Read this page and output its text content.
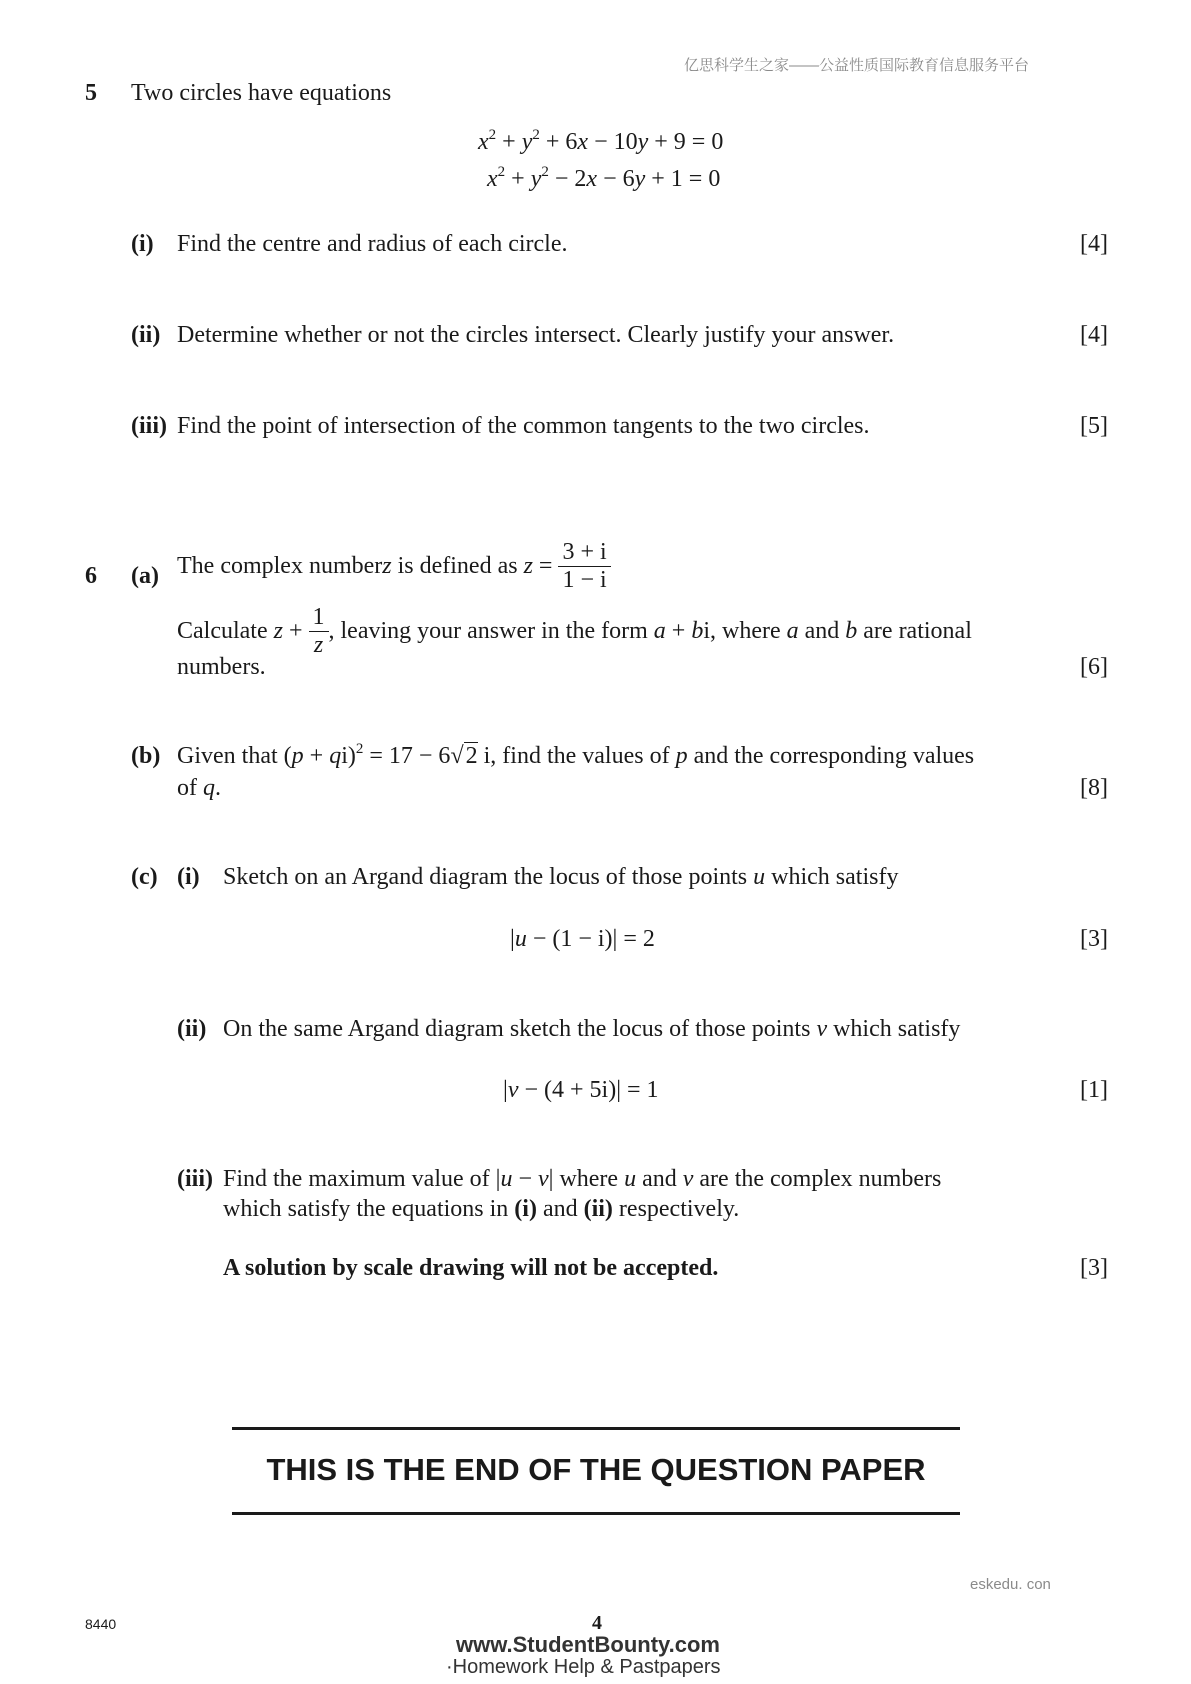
亿思科学生之家——公益性质国际教育信息服务平台
5 Two circles have equations
$x^2 + y^2 + 6x - 10y + 9 = 0$
$x^2 + y^2 - 2x - 6y + 1 = 0$
(i) Find the centre and radius of each circle.	[4]
(ii) Determine whether or not the circles intersect. Clearly justify your answer.	[4]
(iii) Find the point of intersection of the common tangents to the two circles.	[5]
6 (a) The complex numberz is defined as $z = \frac{3 + i}{1 - i}$
Calculate $z + \frac{1}{z}$ , leaving your answer in the form a + bi, where a and b are rational
numbers.	[6]
(b) Given that (p + qi)$^2$ = 17 − 6√2 i, find the values of p and the corresponding values
of q.	[8]
(c) (i) Sketch on an Argand diagram the locus of those points u which satisfy
|u − (1 − i)| = 2	[3]
(ii) On the same Argand diagram sketch the locus of those points v which satisfy
|v − (4 + 5i)| = 1	[1]
(iii) Find the maximum value of |u − v| where u and v are the complex numbers
which satisfy the equations in (i) and (ii) respectively.
A solution by scale drawing will not be accepted.	[3]
THIS IS THE END OF THE QUESTION PAPER
eskedu. con
8440	4
www.StudentBounty.com
·Homework Help & Pastpapers
